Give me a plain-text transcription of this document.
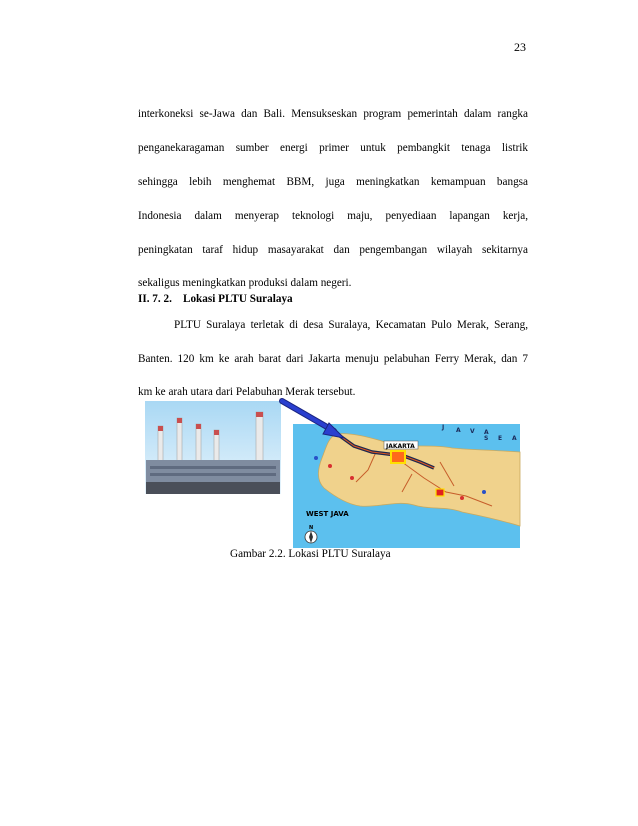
23
interkoneksi se-Jawa dan Bali. Mensukseskan program pemerintah dalam rangka
penganekaragaman sumber energi primer untuk pembangkit tenaga listrik
sehingga lebih menghemat BBM, juga meningkatkan kemampuan bangsa
Indonesia dalam menyerap teknologi maju, penyediaan lapangan kerja,
peningkatan taraf hidup masayarakat dan pengembangan wilayah sekitarnya
sekaligus meningkatkan produksi dalam negeri.
II. 7. 2. Lokasi PLTU Suralaya
PLTU Suralaya terletak di desa Suralaya, Kecamatan Pulo Merak, Serang,
Banten. 120 km ke arah barat dari Jakarta menuju pelabuhan Ferry Merak, dan 7
km ke arah utara dari Pelabuhan Merak tersebut.
JAKARTA
J A V A
S E A
WEST JAVA
N
Gambar 2.2. Lokasi PLTU Suralaya
